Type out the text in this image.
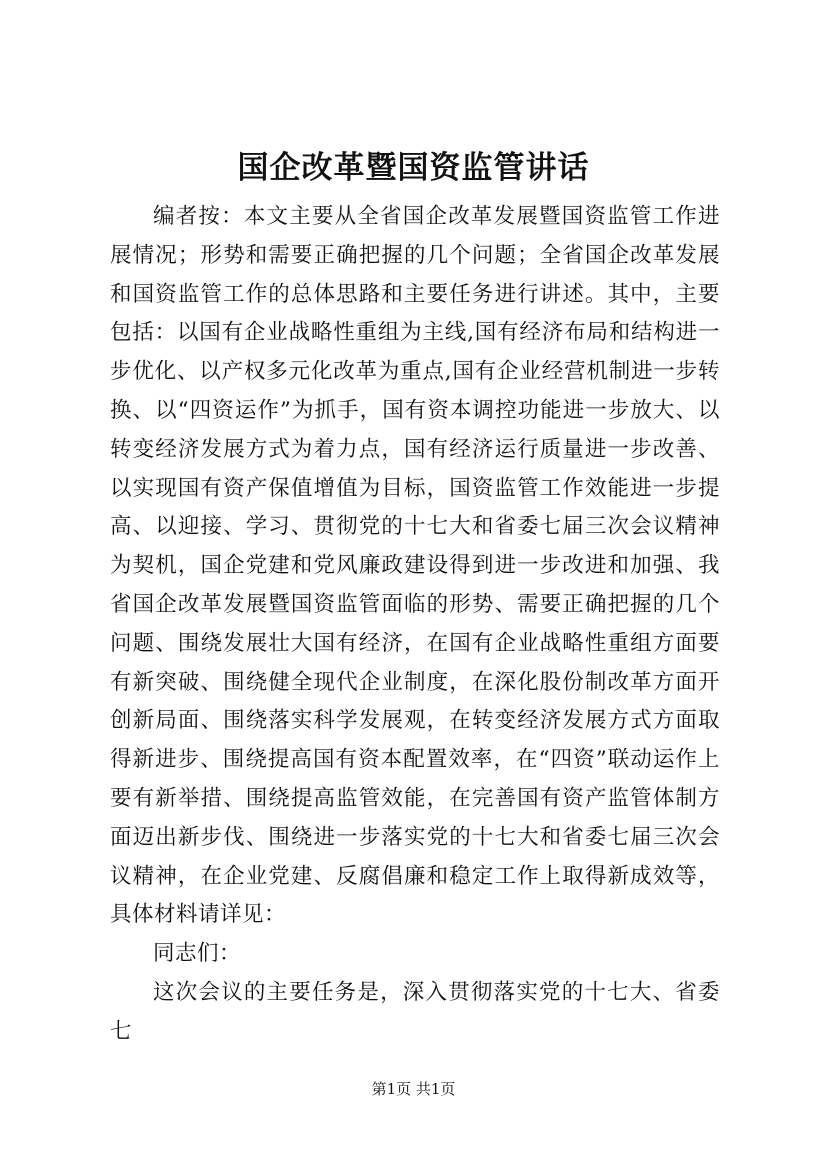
国企改革暨国资监管讲话

编者按：本文主要从全省国企改革发展暨国资监管工作进展情况；形势和需要正确把握的几个问题；全省国企改革发展和国资监管工作的总体思路和主要任务进行讲述。其中，主要包括：以国有企业战略性重组为主线,国有经济布局和结构进一步优化、以产权多元化改革为重点,国有企业经营机制进一步转换、以“四资运作”为抓手，国有资本调控功能进一步放大、以转变经济发展方式为着力点，国有经济运行质量进一步改善、以实现国有资产保值增值为目标，国资监管工作效能进一步提高、以迎接、学习、贯彻党的十七大和省委七届三次会议精神为契机，国企党建和党风廉政建设得到进一步改进和加强、我省国企改革发展暨国资监管面临的形势、需要正确把握的几个问题、围绕发展壮大国有经济，在国有企业战略性重组方面要有新突破、围绕健全现代企业制度，在深化股份制改革方面开创新局面、围绕落实科学发展观，在转变经济发展方式方面取得新进步、围绕提高国有资本配置效率，在“四资”联动运作上要有新举措、围绕提高监管效能，在完善国有资产监管体制方面迈出新步伐、围绕进一步落实党的十七大和省委七届三次会议精神，在企业党建、反腐倡廉和稳定工作上取得新成效等，具体材料请详见：

同志们：

这次会议的主要任务是，深入贯彻落实党的十七大、省委七

第1页 共1页
